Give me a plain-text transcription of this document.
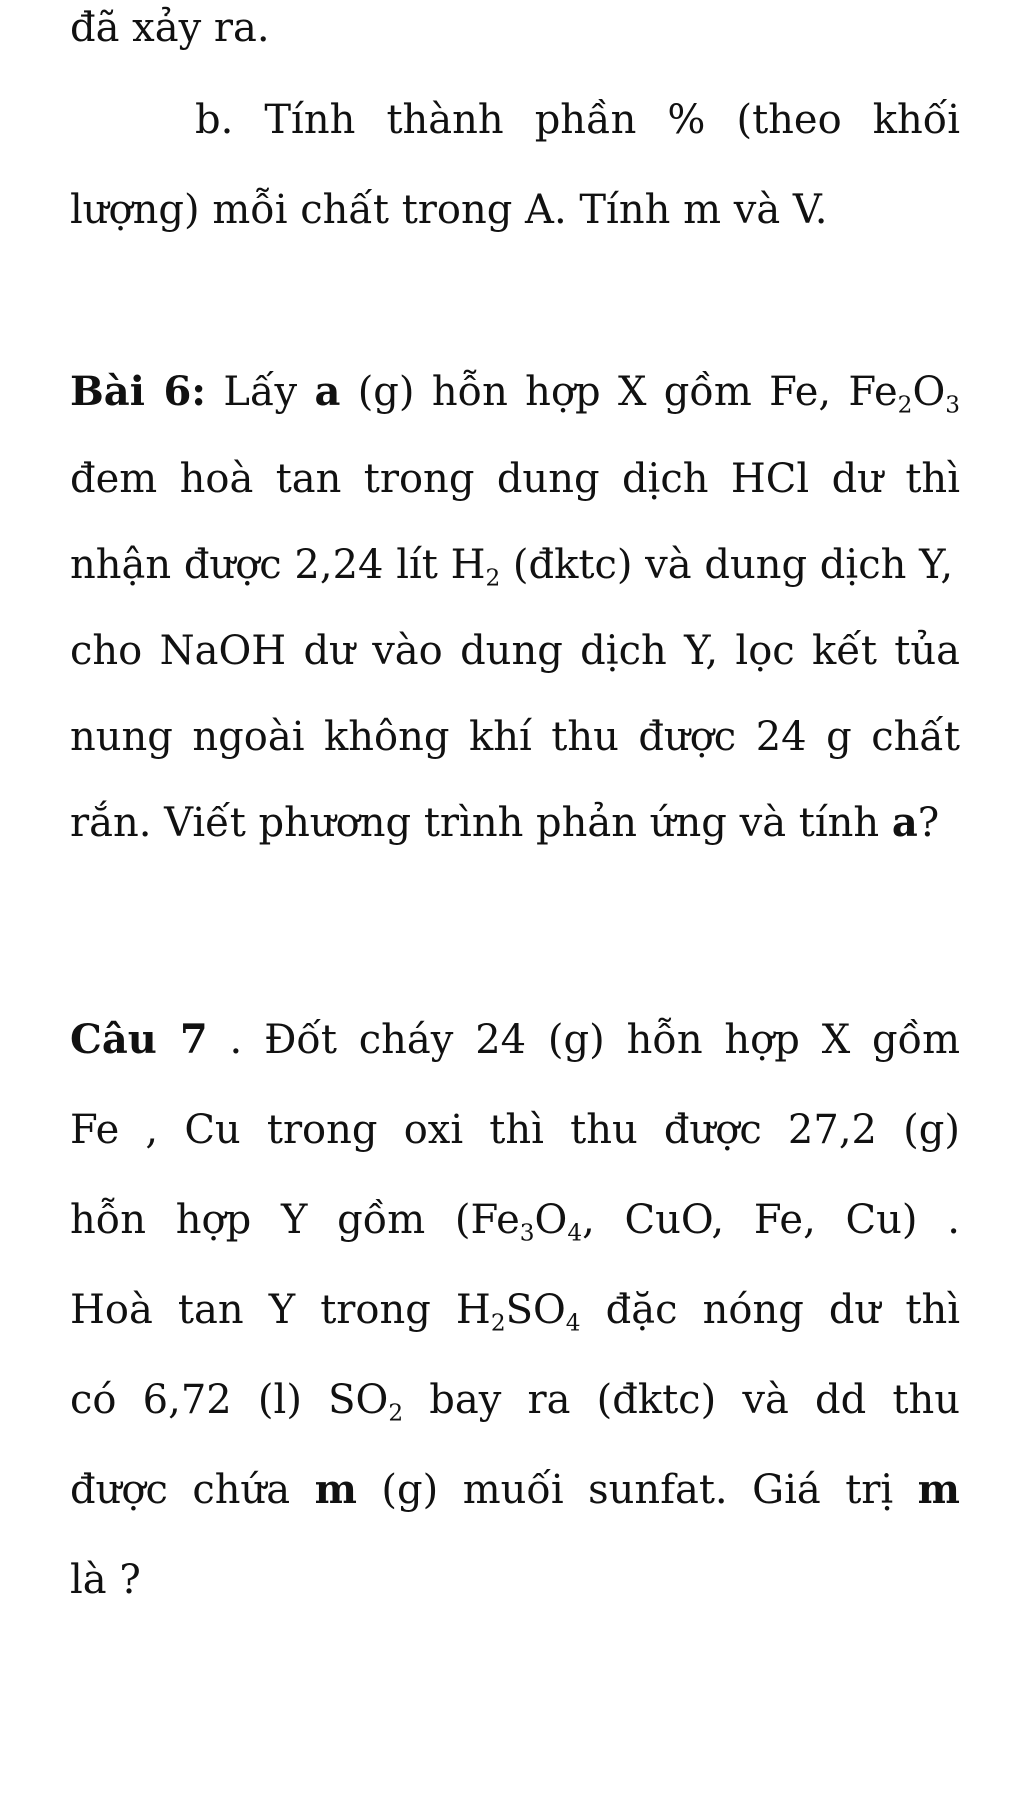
đã xảy ra.
b. Tính thành phần % (theo khối
lượng) mỗi chất trong A. Tính m và V.
Bài 6: Lấy a (g) hỗn hợp X gồm Fe, $Fe_2O_3$
đem hoà tan trong dung dịch HCl dư thì
nhận được 2,24 lít $H_2$ (đktc) và dung dịch Y,
cho NaOH dư vào dung dịch Y, lọc kết tủa
nung ngoài không khí thu được 24 g chất
rắn. Viết phương trình phản ứng và tính a?
Câu 7 . Đốt cháy 24 (g) hỗn hợp X gồm
Fe , Cu trong oxi thì thu được 27,2 (g)
hỗn hợp Y gồm ($Fe_3O_4$, CuO, Fe, Cu) .
Hoà tan Y trong $H_2SO_4$ đặc nóng dư thì
có 6,72 (l) $SO_2$ bay ra (đktc) và dd thu
được chứa m (g) muối sunfat. Giá trị m
là ?
